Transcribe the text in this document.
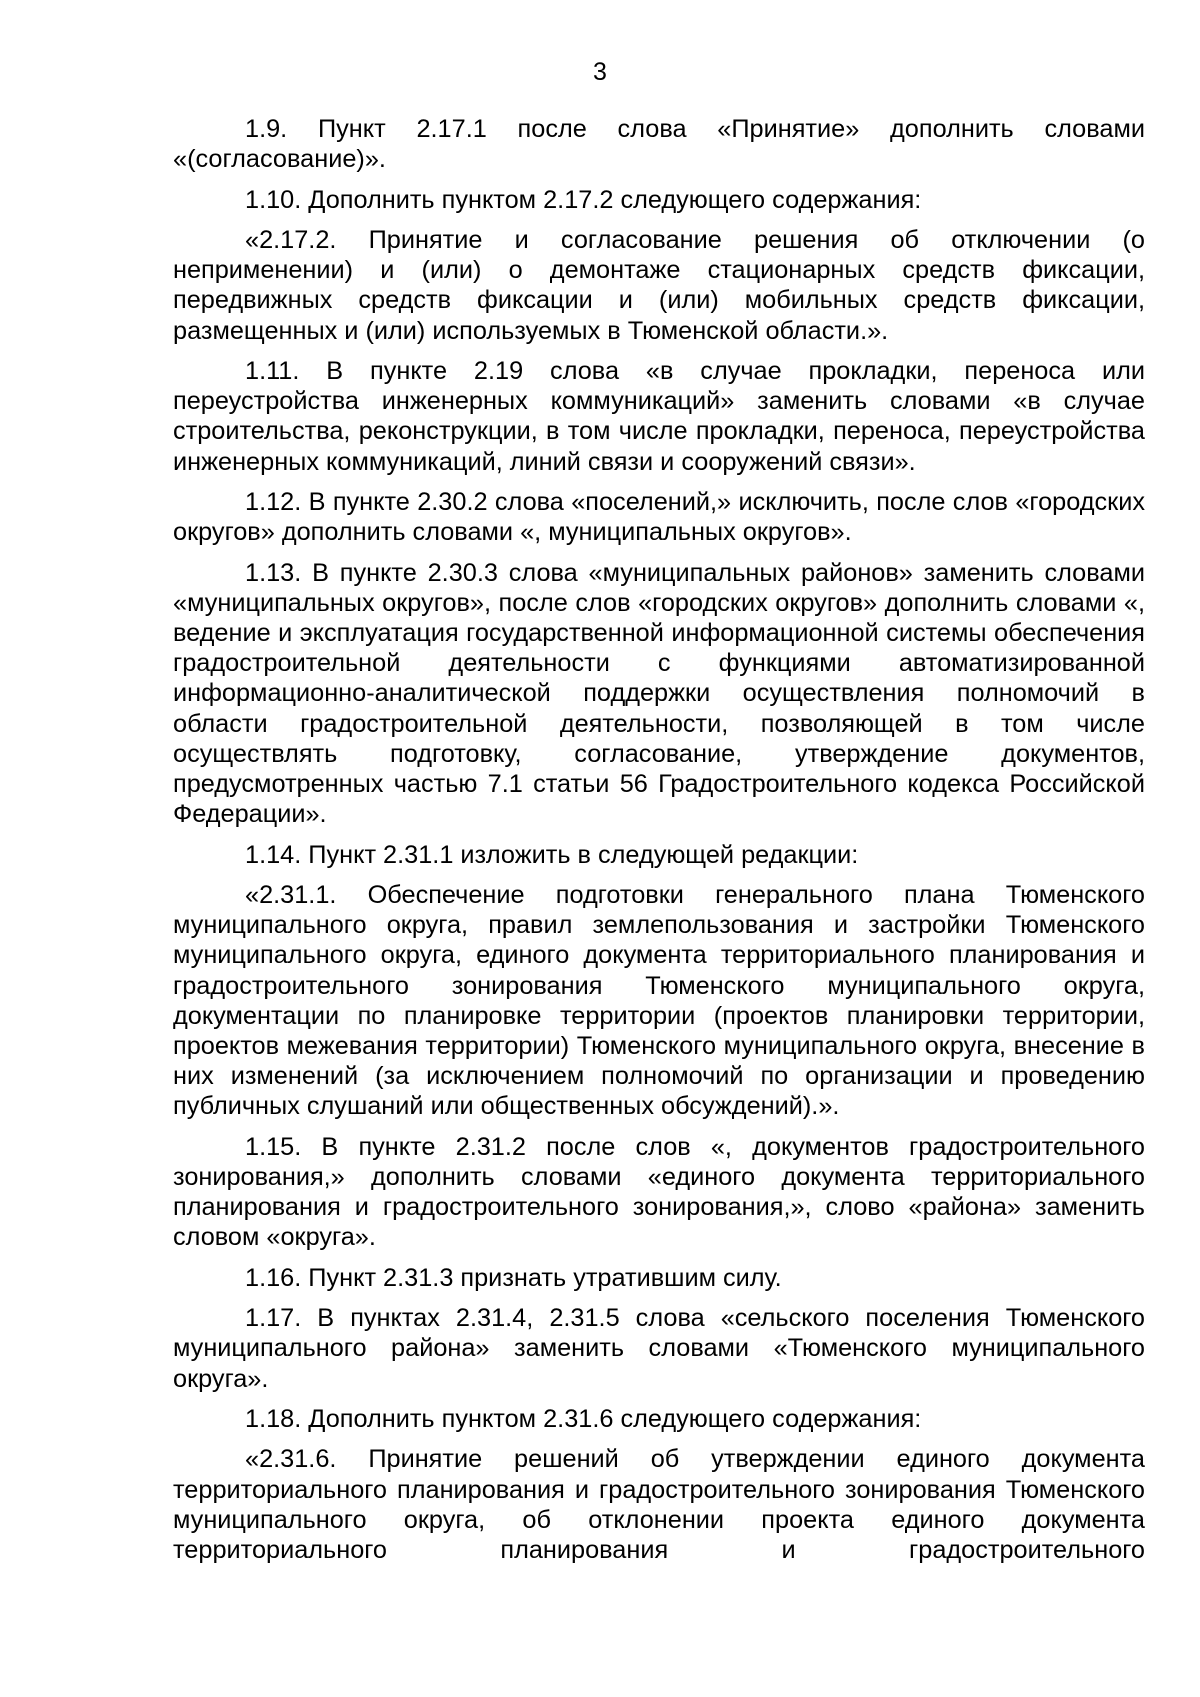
3

1.9. Пункт 2.17.1 после слова «Принятие» дополнить словами «(согласование)».

1.10. Дополнить пунктом 2.17.2 следующего содержания:

«2.17.2. Принятие и согласование решения об отключении (о неприменении) и (или) о демонтаже стационарных средств фиксации, передвижных средств фиксации и (или) мобильных средств фиксации, размещенных и (или) используемых в Тюменской области.».

1.11. В пункте 2.19 слова «в случае прокладки, переноса или переустройства инженерных коммуникаций» заменить словами «в случае строительства, реконструкции, в том числе прокладки, переноса, переустройства инженерных коммуникаций, линий связи и сооружений связи».

1.12. В пункте 2.30.2 слова «поселений,» исключить, после слов «городских округов» дополнить словами «, муниципальных округов».

1.13. В пункте 2.30.3 слова «муниципальных районов» заменить словами «муниципальных округов», после слов «городских округов» дополнить словами «, ведение и эксплуатация государственной информационной системы обеспечения градостроительной деятельности с функциями автоматизированной информационно-аналитической поддержки осуществления полномочий в области градостроительной деятельности, позволяющей в том числе осуществлять подготовку, согласование, утверждение документов, предусмотренных частью 7.1 статьи 56 Градостроительного кодекса Российской Федерации».

1.14. Пункт 2.31.1 изложить в следующей редакции:

«2.31.1. Обеспечение подготовки генерального плана Тюменского муниципального округа, правил землепользования и застройки Тюменского муниципального округа, единого документа территориального планирования и градостроительного зонирования Тюменского муниципального округа, документации по планировке территории (проектов планировки территории, проектов межевания территории) Тюменского муниципального округа, внесение в них изменений (за исключением полномочий по организации и проведению публичных слушаний или общественных обсуждений).».

1.15. В пункте 2.31.2 после слов «, документов градостроительного зонирования,» дополнить словами «единого документа территориального планирования и градостроительного зонирования,», слово «района» заменить словом «округа».

1.16. Пункт 2.31.3 признать утратившим силу.

1.17. В пунктах 2.31.4, 2.31.5 слова «сельского поселения Тюменского муниципального района» заменить словами «Тюменского муниципального округа».

1.18. Дополнить пунктом 2.31.6 следующего содержания:

«2.31.6. Принятие решений об утверждении единого документа территориального планирования и градостроительного зонирования Тюменского муниципального округа, об отклонении проекта единого документа территориального планирования и градостроительного
